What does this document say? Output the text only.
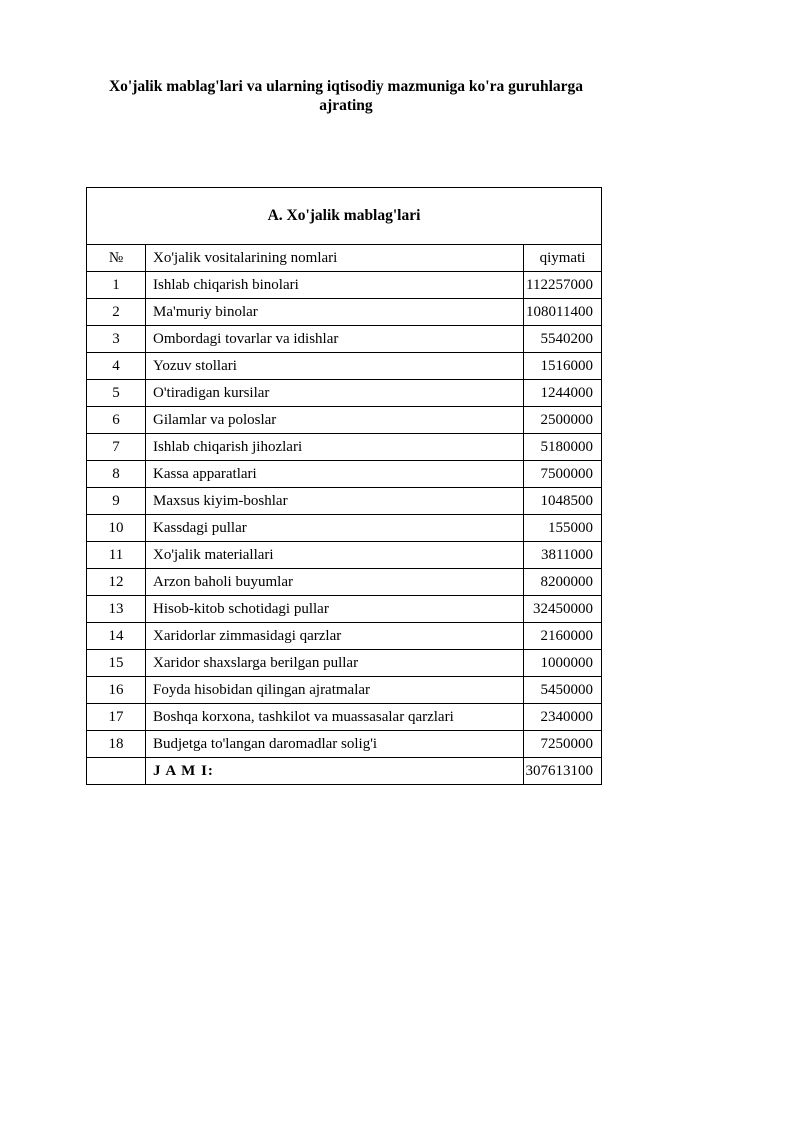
Xo'jalik mablag'lari va ularning iqtisodiy mazmuniga ko'ra guruhlarga ajrating
A. Xo'jalik mablag'lari		
№	Xo'jalik vositalarining nomlari	qiymati
1	Ishlab chiqarish binolari	112257000
2	Ma'muriy binolar	108011400
3	Ombordagi tovarlar va idishlar	5540200
4	Yozuv stollari	1516000
5	O'tiradigan kursilar	1244000
6	Gilamlar va poloslar	2500000
7	Ishlab chiqarish jihozlari	5180000
8	Kassa apparatlari	7500000
9	Maxsus kiyim-boshlar	1048500
10	Kassdagi pullar	155000
11	Xo'jalik materiallari	3811000
12	Arzon baholi buyumlar	8200000
13	Hisob-kitob schotidagi pullar	32450000
14	Xaridorlar zimmasidagi qarzlar	2160000
15	Xaridor shaxslarga berilgan pullar	1000000
16	Foyda hisobidan qilingan ajratmalar	5450000
17	Boshqa korxona, tashkilot va muassasalar qarzlari	2340000
18	Budjetga to'langan daromadlar solig'i	7250000
	J A M I:	307613100
